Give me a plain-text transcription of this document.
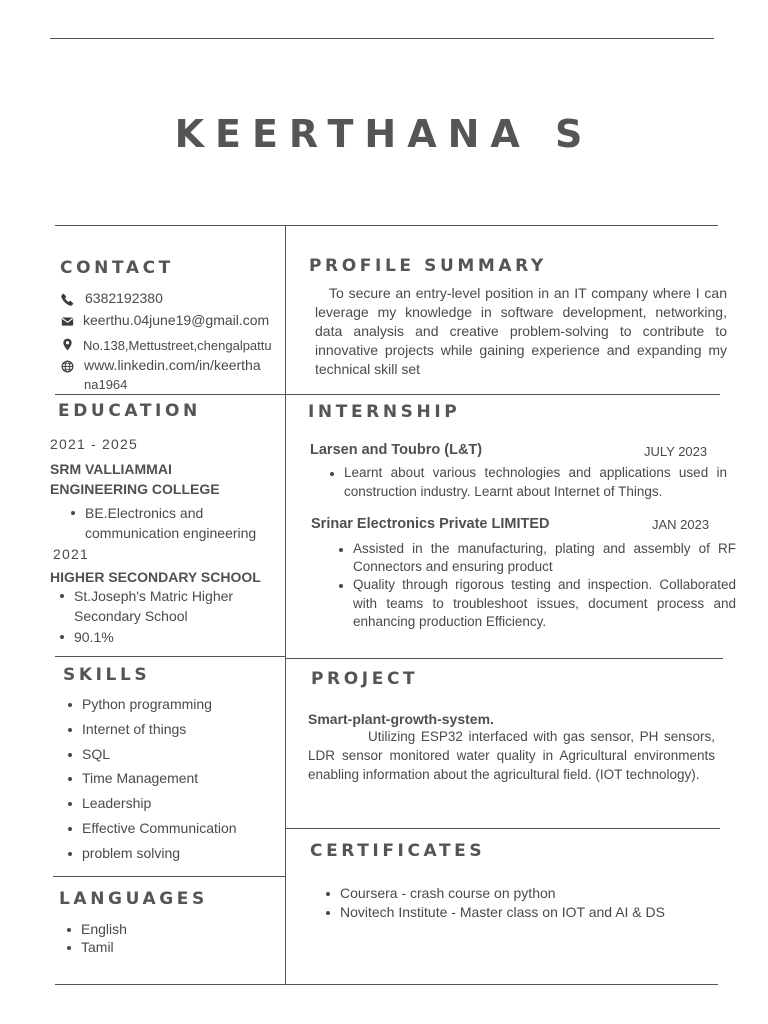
KEERTHANA S
CONTACT
6382192380
keerthu.04june19@gmail.com
No.138,Mettustreet,chengalpattu
www.linkedin.com/in/keertha
na1964
EDUCATION
2021 - 2025
SRM VALLIAMMAI
ENGINEERING COLLEGE
BE.Electronics and
communication engineering
2021
HIGHER SECONDARY SCHOOL
St.Joseph's Matric Higher
Secondary School
90.1%
SKILLS
Python programming
Internet of things
SQL
Time Management
Leadership
Effective Communication
problem solving
LANGUAGES
English
Tamil
PROFILE SUMMARY
To secure an entry-level position in an IT company where I can leverage my knowledge in software development, networking, data analysis and creative problem-solving to contribute to innovative projects while gaining experience and expanding my technical skill set
INTERNSHIP
Larsen and Toubro (L&T)	JULY 2023
Learnt about various technologies and applications used in construction industry. Learnt about Internet of Things.
Srinar Electronics Private LIMITED	JAN 2023
Assisted in the manufacturing, plating and assembly of RF Connectors and ensuring product
Quality through rigorous testing and inspection. Collaborated with teams to troubleshoot issues, document process and enhancing production Efficiency.
PROJECT
Smart-plant-growth-system.
Utilizing ESP32 interfaced with gas sensor, PH sensors, LDR sensor monitored water quality in Agricultural environments enabling information about the agricultural field. (IOT technology).
CERTIFICATES
Coursera - crash course on python
Novitech Institute - Master class on IOT and AI & DS
